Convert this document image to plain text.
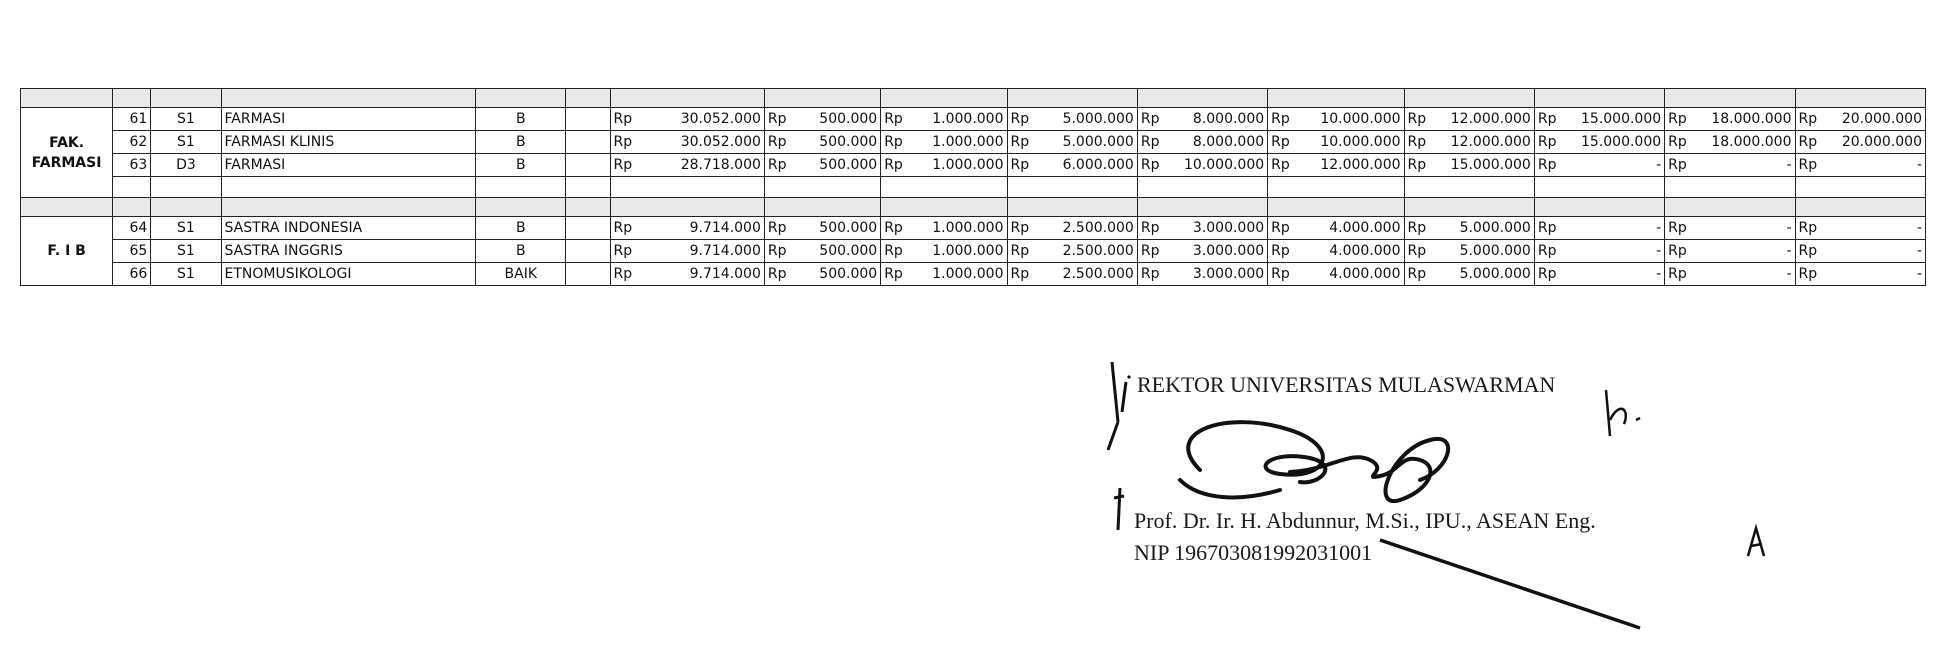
FAK.
FARMASI	61	S1	FARMASI	B		Rp 30.052.000	Rp 500.000	Rp 1.000.000	Rp 5.000.000	Rp 8.000.000	Rp 10.000.000	Rp 12.000.000	Rp 15.000.000	Rp 18.000.000	Rp 20.000.000

	62	S1	FARMASI KLINIS	B		Rp 30.052.000	Rp 500.000	Rp 1.000.000	Rp 5.000.000	Rp 8.000.000	Rp 10.000.000	Rp 12.000.000	Rp 15.000.000	Rp 18.000.000	Rp 20.000.000

	63	D3	FARMASI	B		Rp 28.718.000	Rp 500.000	Rp 1.000.000	Rp 6.000.000	Rp 10.000.000	Rp 12.000.000	Rp 15.000.000	Rp -	Rp -	Rp -

F. I B	64	S1	SASTRA INDONESIA	B		Rp 9.714.000	Rp 500.000	Rp 1.000.000	Rp 2.500.000	Rp 3.000.000	Rp 4.000.000	Rp 5.000.000	Rp -	Rp -	Rp -

	65	S1	SASTRA INGGRIS	B		Rp 9.714.000	Rp 500.000	Rp 1.000.000	Rp 2.500.000	Rp 3.000.000	Rp 4.000.000	Rp 5.000.000	Rp -	Rp -	Rp -

	66	S1	ETNOMUSIKOLOGI	BAIK		Rp 9.714.000	Rp 500.000	Rp 1.000.000	Rp 2.500.000	Rp 3.000.000	Rp 4.000.000	Rp 5.000.000	Rp -	Rp -	Rp -
REKTOR UNIVERSITAS MULASWARMAN
Prof. Dr. Ir. H. Abdunnur, M.Si., IPU., ASEAN Eng.
NIP 196703081992031001
